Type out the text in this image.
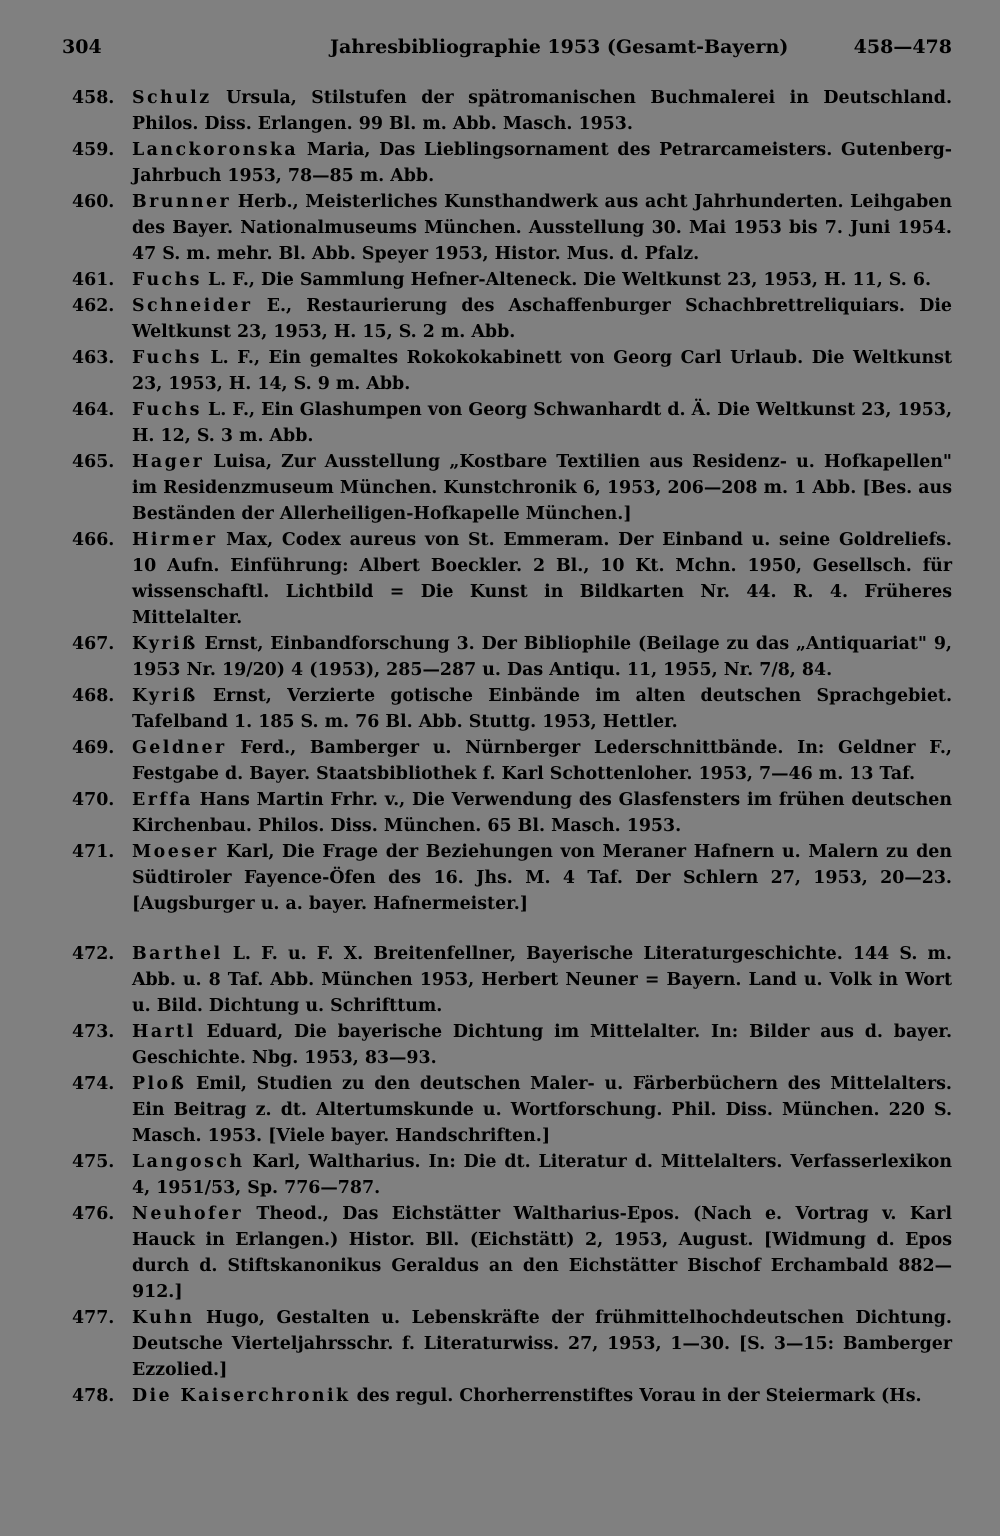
304	Jahresbibliographie 1953 (Gesamt-Bayern)	458—478
458.	Schulz Ursula, Stilstufen der spätromanischen Buchmalerei in Deutschland. Philos. Diss. Erlangen. 99 Bl. m. Abb. Masch. 1953.
459.	Lanckoronska Maria, Das Lieblingsornament des Petrarcameisters. Gutenberg-Jahrbuch 1953, 78—85 m. Abb.
460.	Brunner Herb., Meisterliches Kunsthandwerk aus acht Jahrhunderten. Leihgaben des Bayer. Nationalmuseums München. Ausstellung 30. Mai 1953 bis 7. Juni 1954. 47 S. m. mehr. Bl. Abb. Speyer 1953, Histor. Mus. d. Pfalz.
461.	Fuchs L. F., Die Sammlung Hefner-Alteneck. Die Weltkunst 23, 1953, H. 11, S. 6.
462.	Schneider E., Restaurierung des Aschaffenburger Schachbrettreliquiars. Die Weltkunst 23, 1953, H. 15, S. 2 m. Abb.
463.	Fuchs L. F., Ein gemaltes Rokokokabinett von Georg Carl Urlaub. Die Weltkunst 23, 1953, H. 14, S. 9 m. Abb.
464.	Fuchs L. F., Ein Glashumpen von Georg Schwanhardt d. Ä. Die Weltkunst 23, 1953, H. 12, S. 3 m. Abb.
465.	Hager Luisa, Zur Ausstellung „Kostbare Textilien aus Residenz- u. Hofkapellen" im Residenzmuseum München. Kunstchronik 6, 1953, 206—208 m. 1 Abb. [Bes. aus Beständen der Allerheiligen-Hofkapelle München.]
466.	Hirmer Max, Codex aureus von St. Emmeram. Der Einband u. seine Goldreliefs. 10 Aufn. Einführung: Albert Boeckler. 2 Bl., 10 Kt. Mchn. 1950, Gesellsch. für wissenschaftl. Lichtbild = Die Kunst in Bildkarten Nr. 44. R. 4. Früheres Mittelalter.
467.	Kyriß Ernst, Einbandforschung 3. Der Bibliophile (Beilage zu das „Antiquariat" 9, 1953 Nr. 19/20) 4 (1953), 285—287 u. Das Antiqu. 11, 1955, Nr. 7/8, 84.
468.	Kyriß Ernst, Verzierte gotische Einbände im alten deutschen Sprachgebiet. Tafelband 1. 185 S. m. 76 Bl. Abb. Stuttg. 1953, Hettler.
469.	Geldner Ferd., Bamberger u. Nürnberger Lederschnittbände. In: Geldner F., Festgabe d. Bayer. Staatsbibliothek f. Karl Schottenloher. 1953, 7—46 m. 13 Taf.
470.	Erffa Hans Martin Frhr. v., Die Verwendung des Glasfensters im frühen deutschen Kirchenbau. Philos. Diss. München. 65 Bl. Masch. 1953.
471.	Moeser Karl, Die Frage der Beziehungen von Meraner Hafnern u. Malern zu den Südtiroler Fayence-Öfen des 16. Jhs. M. 4 Taf. Der Schlern 27, 1953, 20—23. [Augsburger u. a. bayer. Hafnermeister.]
472.	Barthel L. F. u. F. X. Breitenfellner, Bayerische Literaturgeschichte. 144 S. m. Abb. u. 8 Taf. Abb. München 1953, Herbert Neuner = Bayern. Land u. Volk in Wort u. Bild. Dichtung u. Schrifttum.
473.	Hartl Eduard, Die bayerische Dichtung im Mittelalter. In: Bilder aus d. bayer. Geschichte. Nbg. 1953, 83—93.
474.	Ploß Emil, Studien zu den deutschen Maler- u. Färberbüchern des Mittelalters. Ein Beitrag z. dt. Altertumskunde u. Wortforschung. Phil. Diss. München. 220 S. Masch. 1953. [Viele bayer. Handschriften.]
475.	Langosch Karl, Waltharius. In: Die dt. Literatur d. Mittelalters. Verfasserlexikon 4, 1951/53, Sp. 776—787.
476.	Neuhofer Theod., Das Eichstätter Waltharius-Epos. (Nach e. Vortrag v. Karl Hauck in Erlangen.) Histor. Bll. (Eichstätt) 2, 1953, August. [Widmung d. Epos durch d. Stiftskanonikus Geraldus an den Eichstätter Bischof Erchambald 882—912.]
477.	Kuhn Hugo, Gestalten u. Lebenskräfte der frühmittelhochdeutschen Dichtung. Deutsche Vierteljahrsschr. f. Literaturwiss. 27, 1953, 1—30. [S. 3—15: Bamberger Ezzolied.]
478.	Die Kaiserchronik des regul. Chorherrenstiftes Vorau in der Steiermark (Hs.
